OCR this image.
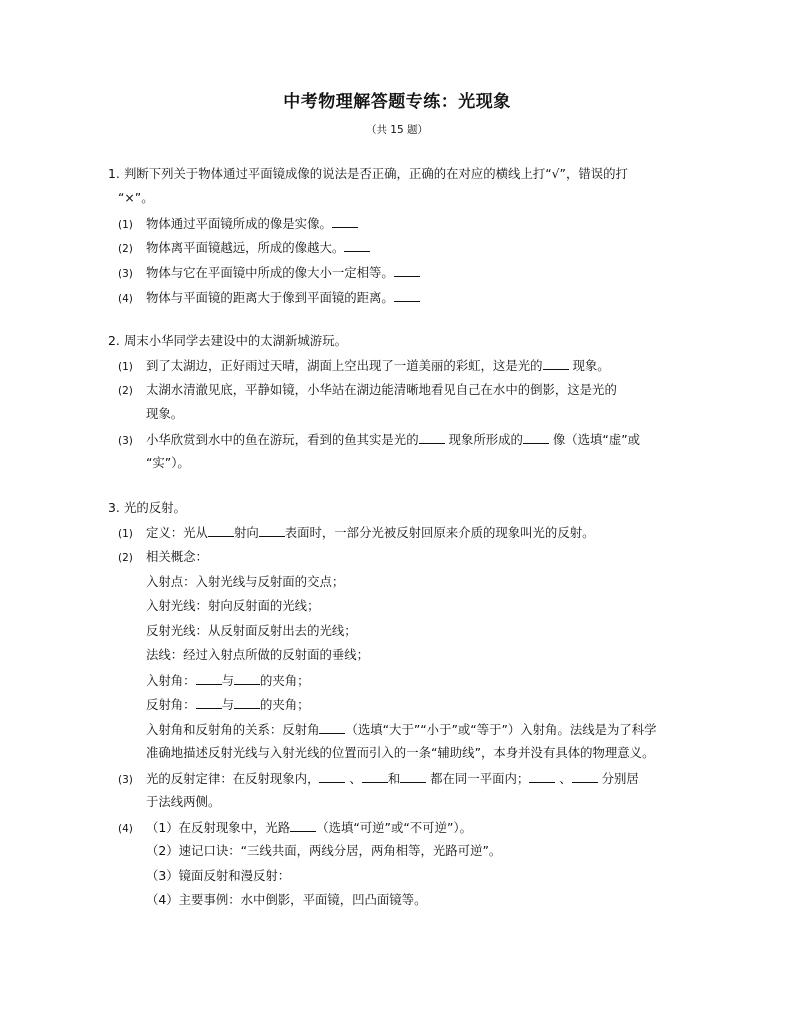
中考物理解答题专练：光现象
（共 15 题）
1. 判断下列关于物体通过平面镜成像的说法是否正确，正确的在对应的横线上打“√”，错误的打
“×”。
(1) 物体通过平面镜所成的像是实像。
(2) 物体离平面镜越远，所成的像越大。
(3) 物体与它在平面镜中所成的像大小一定相等。
(4) 物体与平面镜的距离大于像到平面镜的距离。
2. 周末小华同学去建设中的太湖新城游玩。
(1) 到了太湖边，正好雨过天晴，湖面上空出现了一道美丽的彩虹，这是光的 现象。
(2) 太湖水清澈见底，平静如镜，小华站在湖边能清晰地看见自己在水中的倒影，这是光的
现象。
(3) 小华欣赏到水中的鱼在游玩，看到的鱼其实是光的 现象所形成的 像（选填“虚”或
“实”）。
3. 光的反射。
(1) 定义：光从 射向 表面时，一部分光被反射回原来介质的现象叫光的反射。
(2) 相关概念：
入射点：入射光线与反射面的交点；
入射光线：射向反射面的光线；
反射光线：从反射面反射出去的光线；
法线：经过入射点所做的反射面的垂线；
入射角： 与 的夹角；
反射角： 与 的夹角；
入射角和反射角的关系：反射角 （选填“大于”“小于”或“等于”）入射角。法线是为了科学
准确地描述反射光线与入射光线的位置而引入的一条“辅助线”，本身并没有具体的物理意义。
(3) 光的反射定律：在反射现象内， 、 和 都在同一平面内； 、 分别居
于法线两侧。
(4) （1）在反射现象中，光路 （选填“可逆”或“不可逆”）。
（2）速记口诀：“三线共面，两线分居，两角相等，光路可逆”。
（3）镜面反射和漫反射：
（4）主要事例：水中倒影，平面镜，凹凸面镜等。
